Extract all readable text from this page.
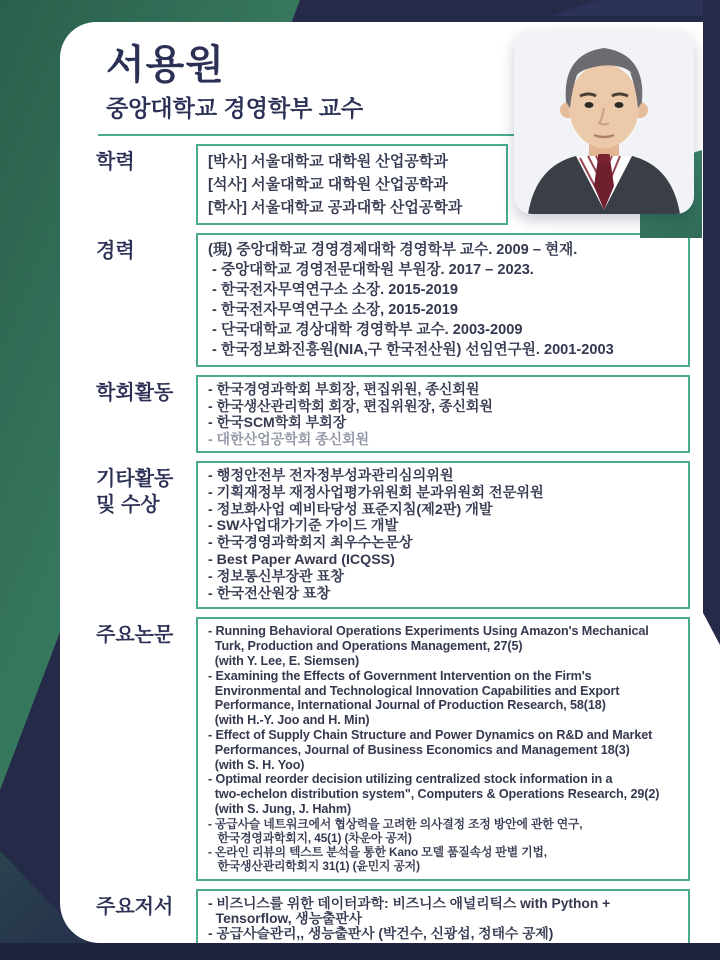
서용원
중앙대학교 경영학부 교수
학력	[박사] 서울대학교 대학원 산업공학과
[석사] 서울대학교 대학원 산업공학과
[학사] 서울대학교 공과대학 산업공학과
경력	(現) 중앙대학교 경영경제대학 경영학부 교수. 2009 – 현재.
- 중앙대학교 경영전문대학원 부원장. 2017 – 2023.
- 한국전자무역연구소 소장. 2015-2019
- 한국전자무역연구소 소장, 2015-2019
- 단국대학교 경상대학 경영학부 교수. 2003-2009
- 한국정보화진흥원(NIA,구 한국전산원) 선임연구원. 2001-2003
학회활동	- 한국경영과학회 부회장, 편집위원, 종신회원
- 한국생산관리학회 회장, 편집위원장, 종신회원
- 한국SCM학회 부회장
- 대한산업공학회 종신회원
기타활동
및 수상
- 행정안전부 전자정부성과관리심의위원
- 기획재정부 재정사업평가위원회 분과위원회 전문위원
- 정보화사업 예비타당성 표준지침(제2판) 개발
- SW사업대가기준 가이드 개발
- 한국경영과학회지 최우수논문상
- Best Paper Award (ICQSS)
- 정보통신부장관 표창
- 한국전산원장 표창
주요논문	- Running Behavioral Operations Experiments Using Amazon's Mechanical
Turk, Production and Operations Management, 27(5)
(with Y. Lee, E. Siemsen)
- Examining the Effects of Government Intervention on the Firm's
Environmental and Technological Innovation Capabilities and Export
Performance, International Journal of Production Research, 58(18)
(with H.-Y. Joo and H. Min)
- Effect of Supply Chain Structure and Power Dynamics on R&D and Market
Performances, Journal of Business Economics and Management 18(3)
(with S. H. Yoo)
- Optimal reorder decision utilizing centralized stock information in a
two-echelon distribution system", Computers & Operations Research, 29(2)
(with S. Jung, J. Hahm)
- 공급사슬 네트워크에서 협상력을 고려한 의사결정 조정 방안에 관한 연구,
한국경영과학회지, 45(1) (차운아 공저)
- 온라인 리뷰의 텍스트 분석을 통한 Kano 모델 품질속성 판별 기법,
한국생산관리학회지 31(1) (윤민지 공저)
주요저서	- 비즈니스를 위한 데이터과학: 비즈니스 애널리틱스 with Python +
Tensorflow, 생능출판사
- 공급사슬관리,, 생능출판사 (박건수, 신광섭, 정태수 공제)
